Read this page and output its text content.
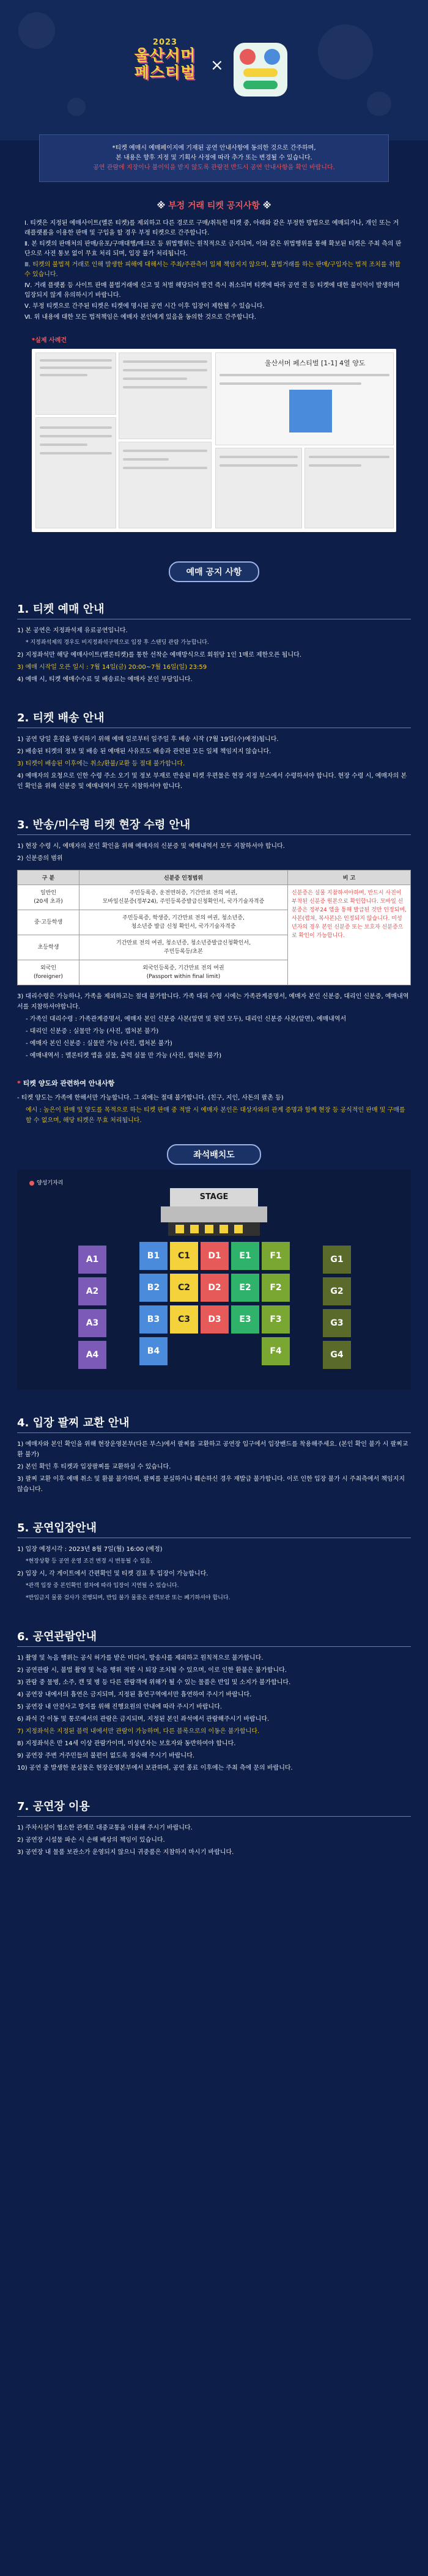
2023
울산서머
페스티벌 ×
*티켓 예매시 예매페이지에 기재된 공연 안내사항에 동의한 것으로 간주하며,
본 내용은 향후 지정 및 기획사 사정에 따라 추가 또는 변경될 수 있습니다.
공연 관람에 지장이나 불이익을 받지 않도록 관람전 반드시 공연 안내사항을 확인 바랍니다.
※ 부정 거래 티켓 공지사항 ※

Ⅰ. 티켓은 지정된 예매사이트(멜론 티켓)를 제외하고 다른 경로로 구매/취득한 티켓 중, 아래와 같은 부정한 방법으로 예매되거나, 개인 또는 거래플랫폼을 이용한 판매 및 구입을 할 경우 부정 티켓으로 간주합니다.

Ⅱ. 본 티켓의 판매처의 판매/유포/구매대행/매크로 등 위법행위는 원칙적으로 금지되며, 이와 같은 위법행위를 통해 확보된 티켓은 주최 측의 판단으로 사전 통보 없이 무효 처리 되며, 입장 불가 처리됩니다.

Ⅲ. 티켓의 불법적 거래로 인해 발생한 피해에 대해서는 주최/주관측이 일체 책임지지 않으며, 불법거래를 하는 판매/구입자는 법적 조치를 취할 수 있습니다.

Ⅳ. 거래 플랫폼 등 사이트 판매 불법거래에 신고 및 처벌 해당되어 발견 즉시 취소되며 티켓에 따라 공연 전 등 티켓에 대한 불이익이 발생하며 입장되지 않게 유의하시기 바랍니다.

Ⅴ. 부정 티켓으로 간주된 티켓은 티켓에 명시된 공연 시간 이후 입장이 제한될 수 있습니다.

Ⅵ. 위 내용에 대한 모든 법적책임은 예매자 본인에게 있음을 동의한 것으로 간주합니다.

*실제 사례건
울산서머 페스티벌 [1-1] 4열 양도
예매 공지 사항
1. 티켓 예매 안내

1) 본 공연은 지정좌석제 유료공연입니다.

* 지정좌석제의 경우도 비지정좌석구역으로 입장 후 스탠딩 관람 가능합니다.

2) 지정좌석만 해당 예매사이트(멜론티켓)를 통한 선착순 예매방식으로 회원당 1인 1매로 제한오픈 됩니다.

3) 예매 시작일 오픈 일시 : 7월 14일(금) 20:00~7월 16일(일) 23:59

4) 예매 시, 티켓 예매수수료 및 배송료는 예매자 본인 부담입니다.

2. 티켓 배송 안내

1) 공연 당일 혼잡을 방지하기 위해 예매 일로부터 일주일 후 배송 시작 (7월 19일(수)예정)됩니다.

2) 배송된 티켓의 정보 및 배송 된 예매된 사유로도 배송과 관련된 모든 일체 책임지지 않습니다.

3) 티켓이 배송된 이후에는 취소/환불/교환 등 절대 불가합니다.

4) 예매자의 요청으로 인한 수령 주소 오기 및 정보 부재로 반송된 티켓 우편물은 현장 지정 부스에서 수령하셔야 합니다. 현장 수령 시, 예매자의 본인 확인을 위해 신분증 및 예매내역서 모두 지참하셔야 합니다.

3. 반송/미수령 티켓 현장 수령 안내

1) 현장 수령 시, 예매자의 본인 확인을 위해 예매자의 신분증 및 예매내역서 모두 지참하셔야 합니다.

2) 신분증의 범위

구 분	신분증 인정범위	비 고
일반인
(20세 초과)	주민등록증, 운전면허증, 기간만료 전의 여권,
모바일신분증(정부24), 주민등록증발급신청확인서, 국가기술자격증	신분증은 실물 지참하셔야하며, 반드시 사진이 부착된 신분증 원본으로 확인합니다. 모바일 신분증은 정부24 앱을 통해 발급된 것만 인정되며, 사본(캡쳐, 복사본)은 인정되지 않습니다. 미성년자의 경우 본인 신분증 또는 보호자 신분증으로 확인이 가능합니다.
중·고등학생	주민등록증, 학생증, 기간만료 전의 여권, 청소년증,
청소년증 발급 신청 확인서, 국가기술자격증	
초등학생	기간만료 전의 여권, 청소년증, 청소년증발급신청확인서,
주민등록등/초본	
외국인
(foreigner)	외국인등록증, 기간만료 전의 여권
(Passport within final limit)	

3) 대리수령은 가능하나, 가족을 제외하고는 절대 불가합니다. 가족 대리 수령 시에는 가족관계증명서, 예매자 본인 신분증, 대리인 신분증, 예매내역서를 지참하셔야합니다.

- 가족인 대리수령 : 가족관계증명서, 예매자 본인 신분증 사본(앞면 및 뒷면 모두), 대리인 신분증 사본(앞면), 예매내역서

- 대리인 신분증 : 실물만 가능 (사진, 캡처본 불가)

- 예매자 본인 신분증 : 실물만 가능 (사진, 캡처본 불가)

- 예매내역서 : 멜론티켓 앱을 실물, 출력 실물 만 가능 (사진, 캡처본 불가)

* 티켓 양도와 관련하여 안내사항

- 티켓 양도는 가족에 한해서만 가능합니다. 그 외에는 절대 불가합니다. (친구, 지인, 사돈의 팔촌 등)

예시 : 높은이 판매 및 양도를 목적으로 하는 티켓 판매 중 적발 시 예매자 본인은 대상자와의 관계 증명과 함께 현장 등 공식적인 판매 및 구매를 할 수 없으며, 해당 티켓은 무효 처리됩니다.

좌석배치도
양성기자리
STAGE
A1	B1	C1	D1	E1	F1	G1
A2	B2	C2	D2	E2	F2	G2
A3	B3	C3	D3	E3	F3	G3
A4	B4	F4	G4
4. 입장 팔찌 교환 안내

1) 예매자와 본인 확인을 위해 현장운영본부(다른 부스)에서 팔찌를 교환하고 공연장 입구에서 입장밴드를 착용해주세요. (본인 확인 불가 시 팔찌교환 불가)

2) 본인 확인 후 티켓과 입장팔찌를 교환하실 수 있습니다.

3) 팔찌 교환 이후 예매 취소 및 환불 불가하며, 팔찌를 분실하거나 훼손하신 경우 재발급 불가합니다. 이로 인한 입장 불가 시 주최측에서 책임지지 않습니다.

5. 공연입장안내

1) 입장 예정시각 : 2023년 8월 7일(월) 16:00 (예정)

*현장상황 등 공연 운영 조건 변경 시 변동될 수 있음.

2) 입장 시, 각 게이트에서 간편확인 및 티켓 검표 후 입장이 가능합니다.

*관객 입장 중 본인확인 절차에 따라 입장이 지연될 수 있습니다.

*반입금지 물품 검사가 진행되며, 반입 불가 물품은 관객보관 또는 폐기하셔야 합니다.

6. 공연관람안내

1) 촬영 및 녹음 행위는 공식 허가를 받은 미디어, 방송사를 제외하고 원칙적으로 불가합니다.

2) 공연관람 시, 불법 촬영 및 녹음 행위 적발 시 퇴장 조치될 수 있으며, 이로 인한 환불은 불가합니다.

3) 관람 중 물병, 소주, 캔 및 병 등 다른 관람객에 위해가 될 수 있는 물품은 반입 및 소지가 불가합니다.

4) 공연장 내에서의 흡연은 금지되며, 지정된 흡연구역에서만 흡연하여 주시기 바랍니다.

5) 공연장 내 안전사고 방지를 위해 진행요원의 안내에 따라 주시기 바랍니다.

6) 좌석 간 이동 및 통로에서의 관람은 금지되며, 지정된 본인 좌석에서 관람해주시기 바랍니다.

7) 지정좌석은 지정된 블럭 내에서만 관람이 가능하며, 다른 블록으로의 이동은 불가합니다.

8) 지정좌석은 만 14세 이상 관람가이며, 미성년자는 보호자와 동반하여야 합니다.

9) 공연장 주변 거주민들의 불편이 없도록 정숙해 주시기 바랍니다.

10) 공연 중 발생한 분실물은 현장운영본부에서 보관하며, 공연 종료 이후에는 주최 측에 문의 바랍니다.

7. 공연장 이용

1) 주차시설이 협소한 관계로 대중교통을 이용해 주시기 바랍니다.

2) 공연장 시설물 파손 시 손해 배상의 책임이 있습니다.

3) 공연장 내 물품 보관소가 운영되지 않으니 귀중품은 지참하지 마시기 바랍니다.
